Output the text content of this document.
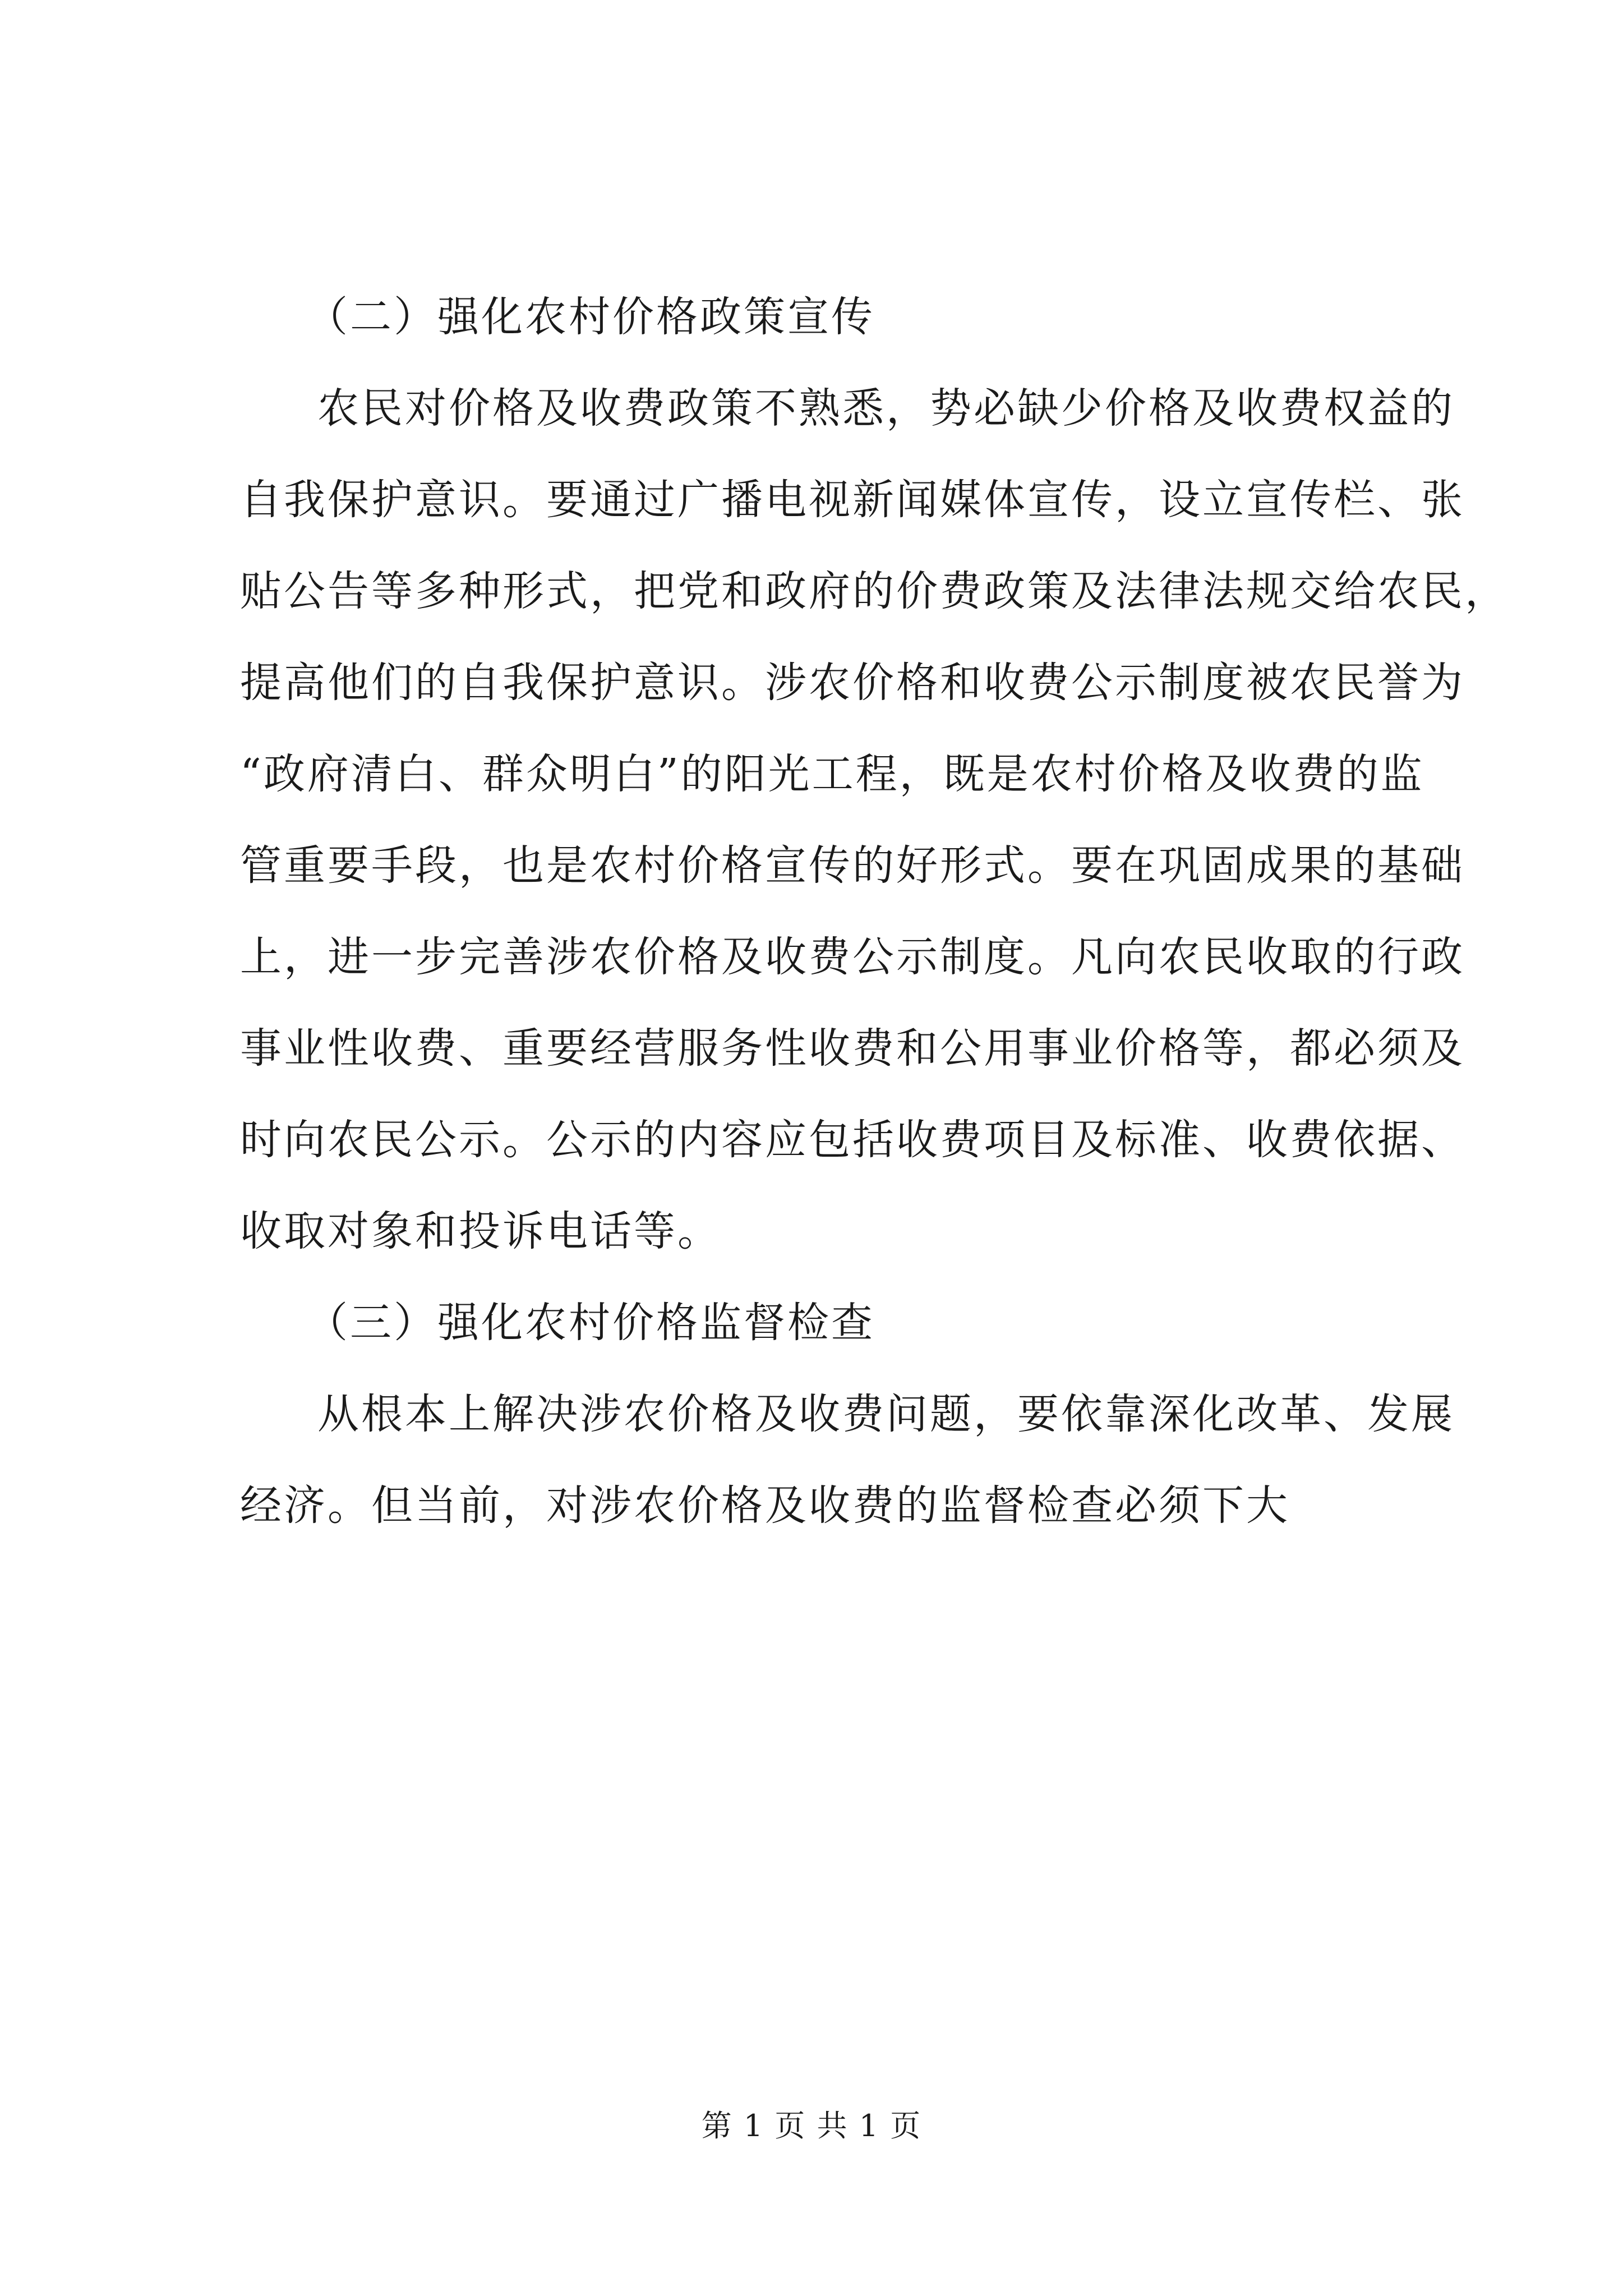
（二）强化农村价格政策宣传
农民对价格及收费政策不熟悉，势必缺少价格及收费权益的
自我保护意识。要通过广播电视新闻媒体宣传，设立宣传栏、张
贴公告等多种形式，把党和政府的价费政策及法律法规交给农民，
提高他们的自我保护意识。涉农价格和收费公示制度被农民誉为
“政府清白、群众明白”的阳光工程，既是农村价格及收费的监
管重要手段，也是农村价格宣传的好形式。要在巩固成果的基础
上，进一步完善涉农价格及收费公示制度。凡向农民收取的行政
事业性收费、重要经营服务性收费和公用事业价格等，都必须及
时向农民公示。公示的内容应包括收费项目及标准、收费依据、
收取对象和投诉电话等。
（三）强化农村价格监督检查
从根本上解决涉农价格及收费问题，要依靠深化改革、发展
经济。但当前，对涉农价格及收费的监督检查必须下大
第 1 页 共 1 页
